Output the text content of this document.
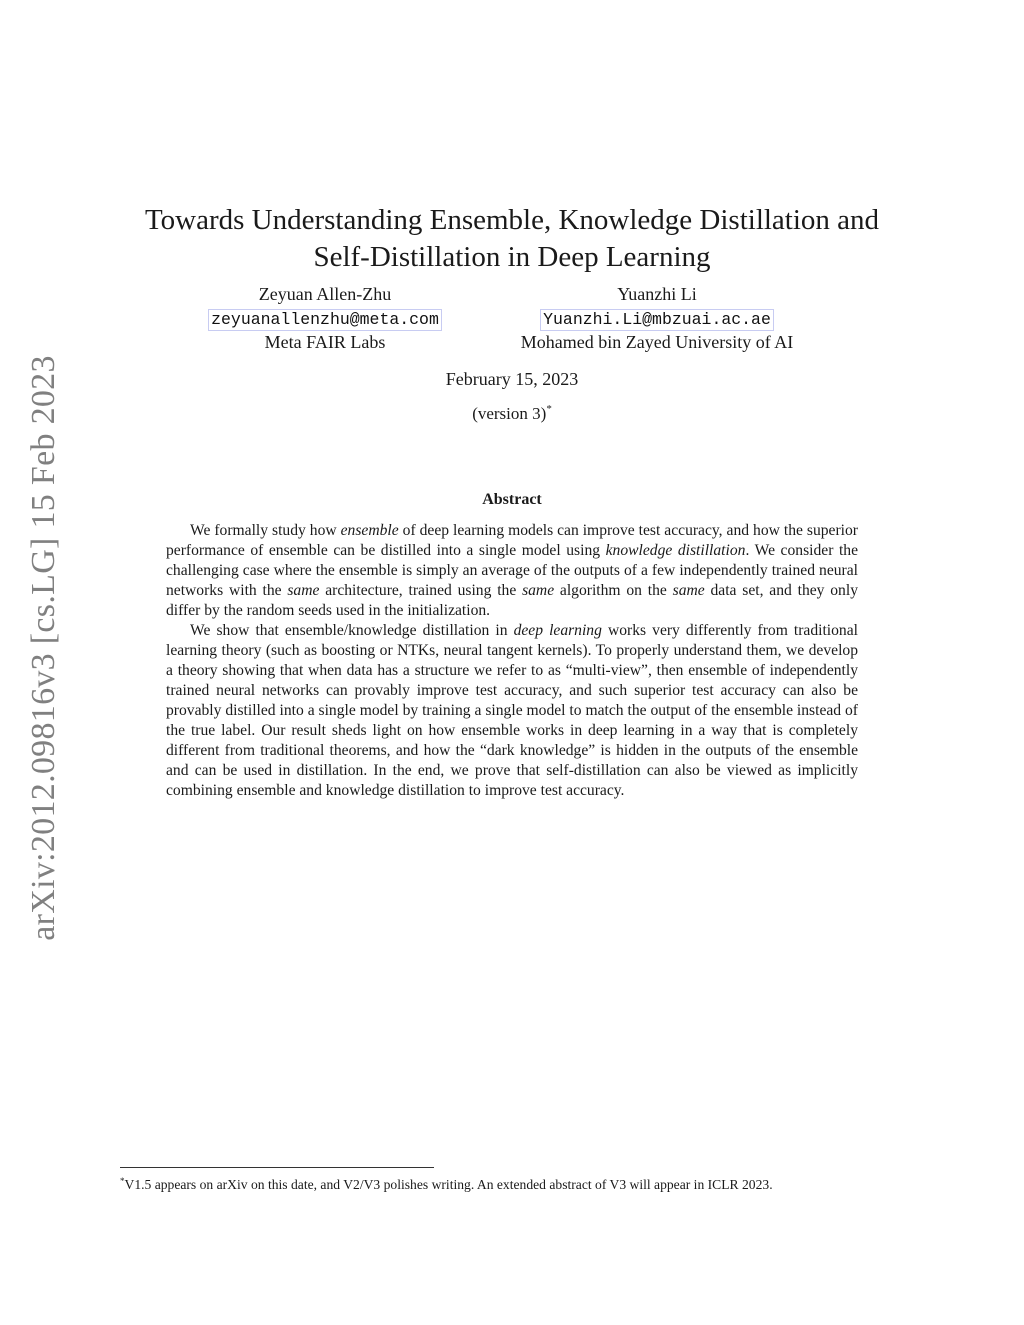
arXiv:2012.09816v3 [cs.LG] 15 Feb 2023
Towards Understanding Ensemble, Knowledge Distillation and
Self-Distillation in Deep Learning
Zeyuan Allen-Zhu
zeyuanallenzhu@meta.com
Meta FAIR Labs
Yuanzhi Li
Yuanzhi.Li@mbzuai.ac.ae
Mohamed bin Zayed University of AI
February 15, 2023
(version 3)*
Abstract

We formally study how ensemble of deep learning models can improve test accuracy, and how the superior performance of ensemble can be distilled into a single model using knowledge distillation. We consider the challenging case where the ensemble is simply an average of the outputs of a few independently trained neural networks with the same architecture, trained using the same algorithm on the same data set, and they only differ by the random seeds used in the initialization.

We show that ensemble/knowledge distillation in deep learning works very differently from traditional learning theory (such as boosting or NTKs, neural tangent kernels). To properly understand them, we develop a theory showing that when data has a structure we refer to as “multi-view”, then ensemble of independently trained neural networks can provably improve test accuracy, and such superior test accuracy can also be provably distilled into a single model by training a single model to match the output of the ensemble instead of the true label. Our result sheds light on how ensemble works in deep learning in a way that is completely different from traditional theorems, and how the “dark knowledge” is hidden in the outputs of the ensemble and can be used in distillation. In the end, we prove that self-distillation can also be viewed as implicitly combining ensemble and knowledge distillation to improve test accuracy.

*V1.5 appears on arXiv on this date, and V2/V3 polishes writing. An extended abstract of V3 will appear in ICLR 2023.
